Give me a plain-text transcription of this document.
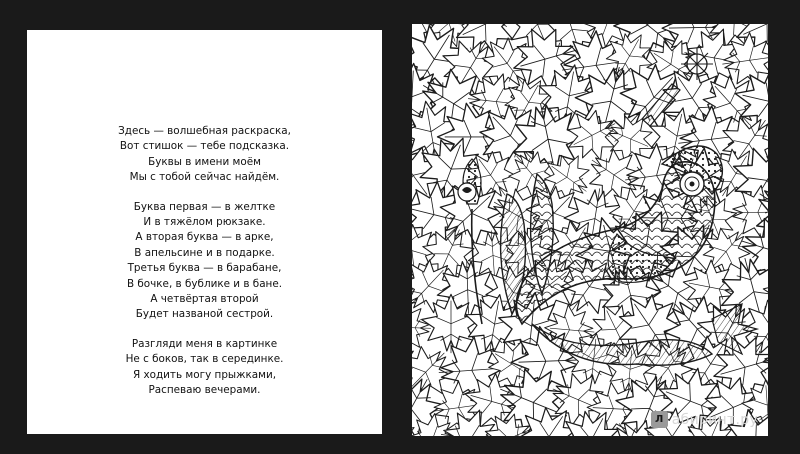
Здесь — волшебная раскраска,
Вот стишок — тебе подсказка.
Буквы в имени моём
Мы с тобой сейчас найдём.
Буква первая — в желтке
И в тяжёлом рюкзаке.
А вторая буква — в арке,
В апельсине и в подарке.
Третья буква — в барабане,
В бочке, в бублике и в бане.
А четвёртая второй
Будет названой сестрой.
Разгляди меня в картинке
Не с боков, так в серединке.
Я ходить могу прыжками,
Распеваю вечерами.
Л абиринт.ру
